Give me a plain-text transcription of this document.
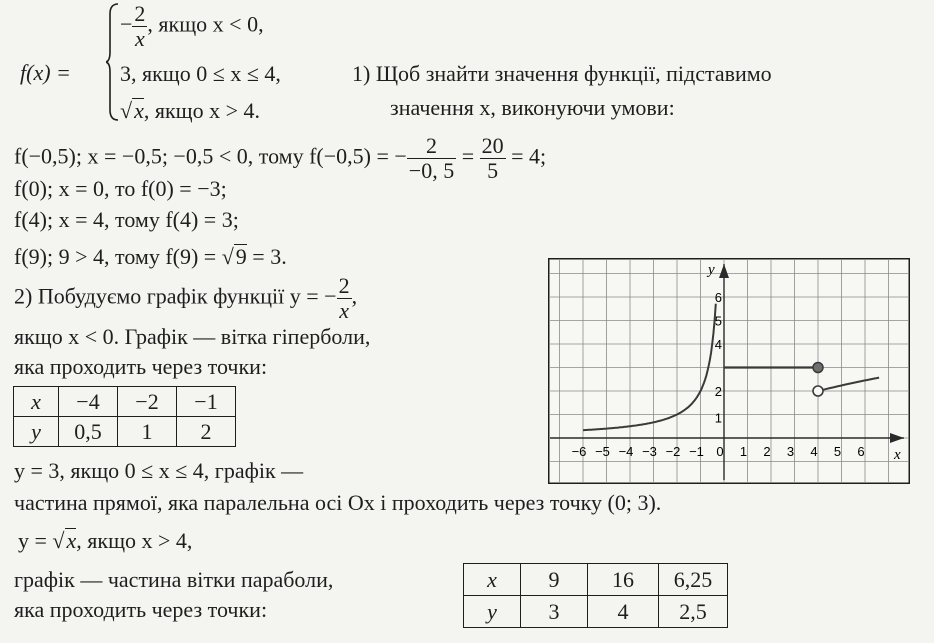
f(x) =
− $\frac{2}{x}$ , якщо x < 0,
3, якщо 0 ≤ x ≤ 4,
√x, якщо x > 4.
1) Щоб знайти значення функції, підставимо
значення x, виконуючи умови:
f(−0,5); x = −0,5; −0,5 < 0, тому f(−0,5) = − $\frac{2}{-0, 5} = \frac{20}{5} = 4$;
f(0); x = 0, то f(0) = −3;
f(4); x = 4, тому f(4) = 3;
f(9); 9 > 4, тому f(9) = √9 = 3.
2) Побудуємо графік функції y = − $\frac{2}{x}$ ,
якщо x < 0. Графік — вітка гіперболи,
яка проходить через точки:
x	−4	−2	−1
y	0,5	1	2
y = 3, якщо 0 ≤ x ≤ 4, графік —
частина прямої, яка паралельна осі Ox і проходить через точку (0; 3).
y = √x, якщо x > 4,
графік — частина вітки параболи,
яка проходить через точки:
x	9	16	6,25
y	3	4	2,5
y
x
−6 −5 −4 −3 −2 −1 0 1 2 3 4 5 6
2
4
5
6
1
